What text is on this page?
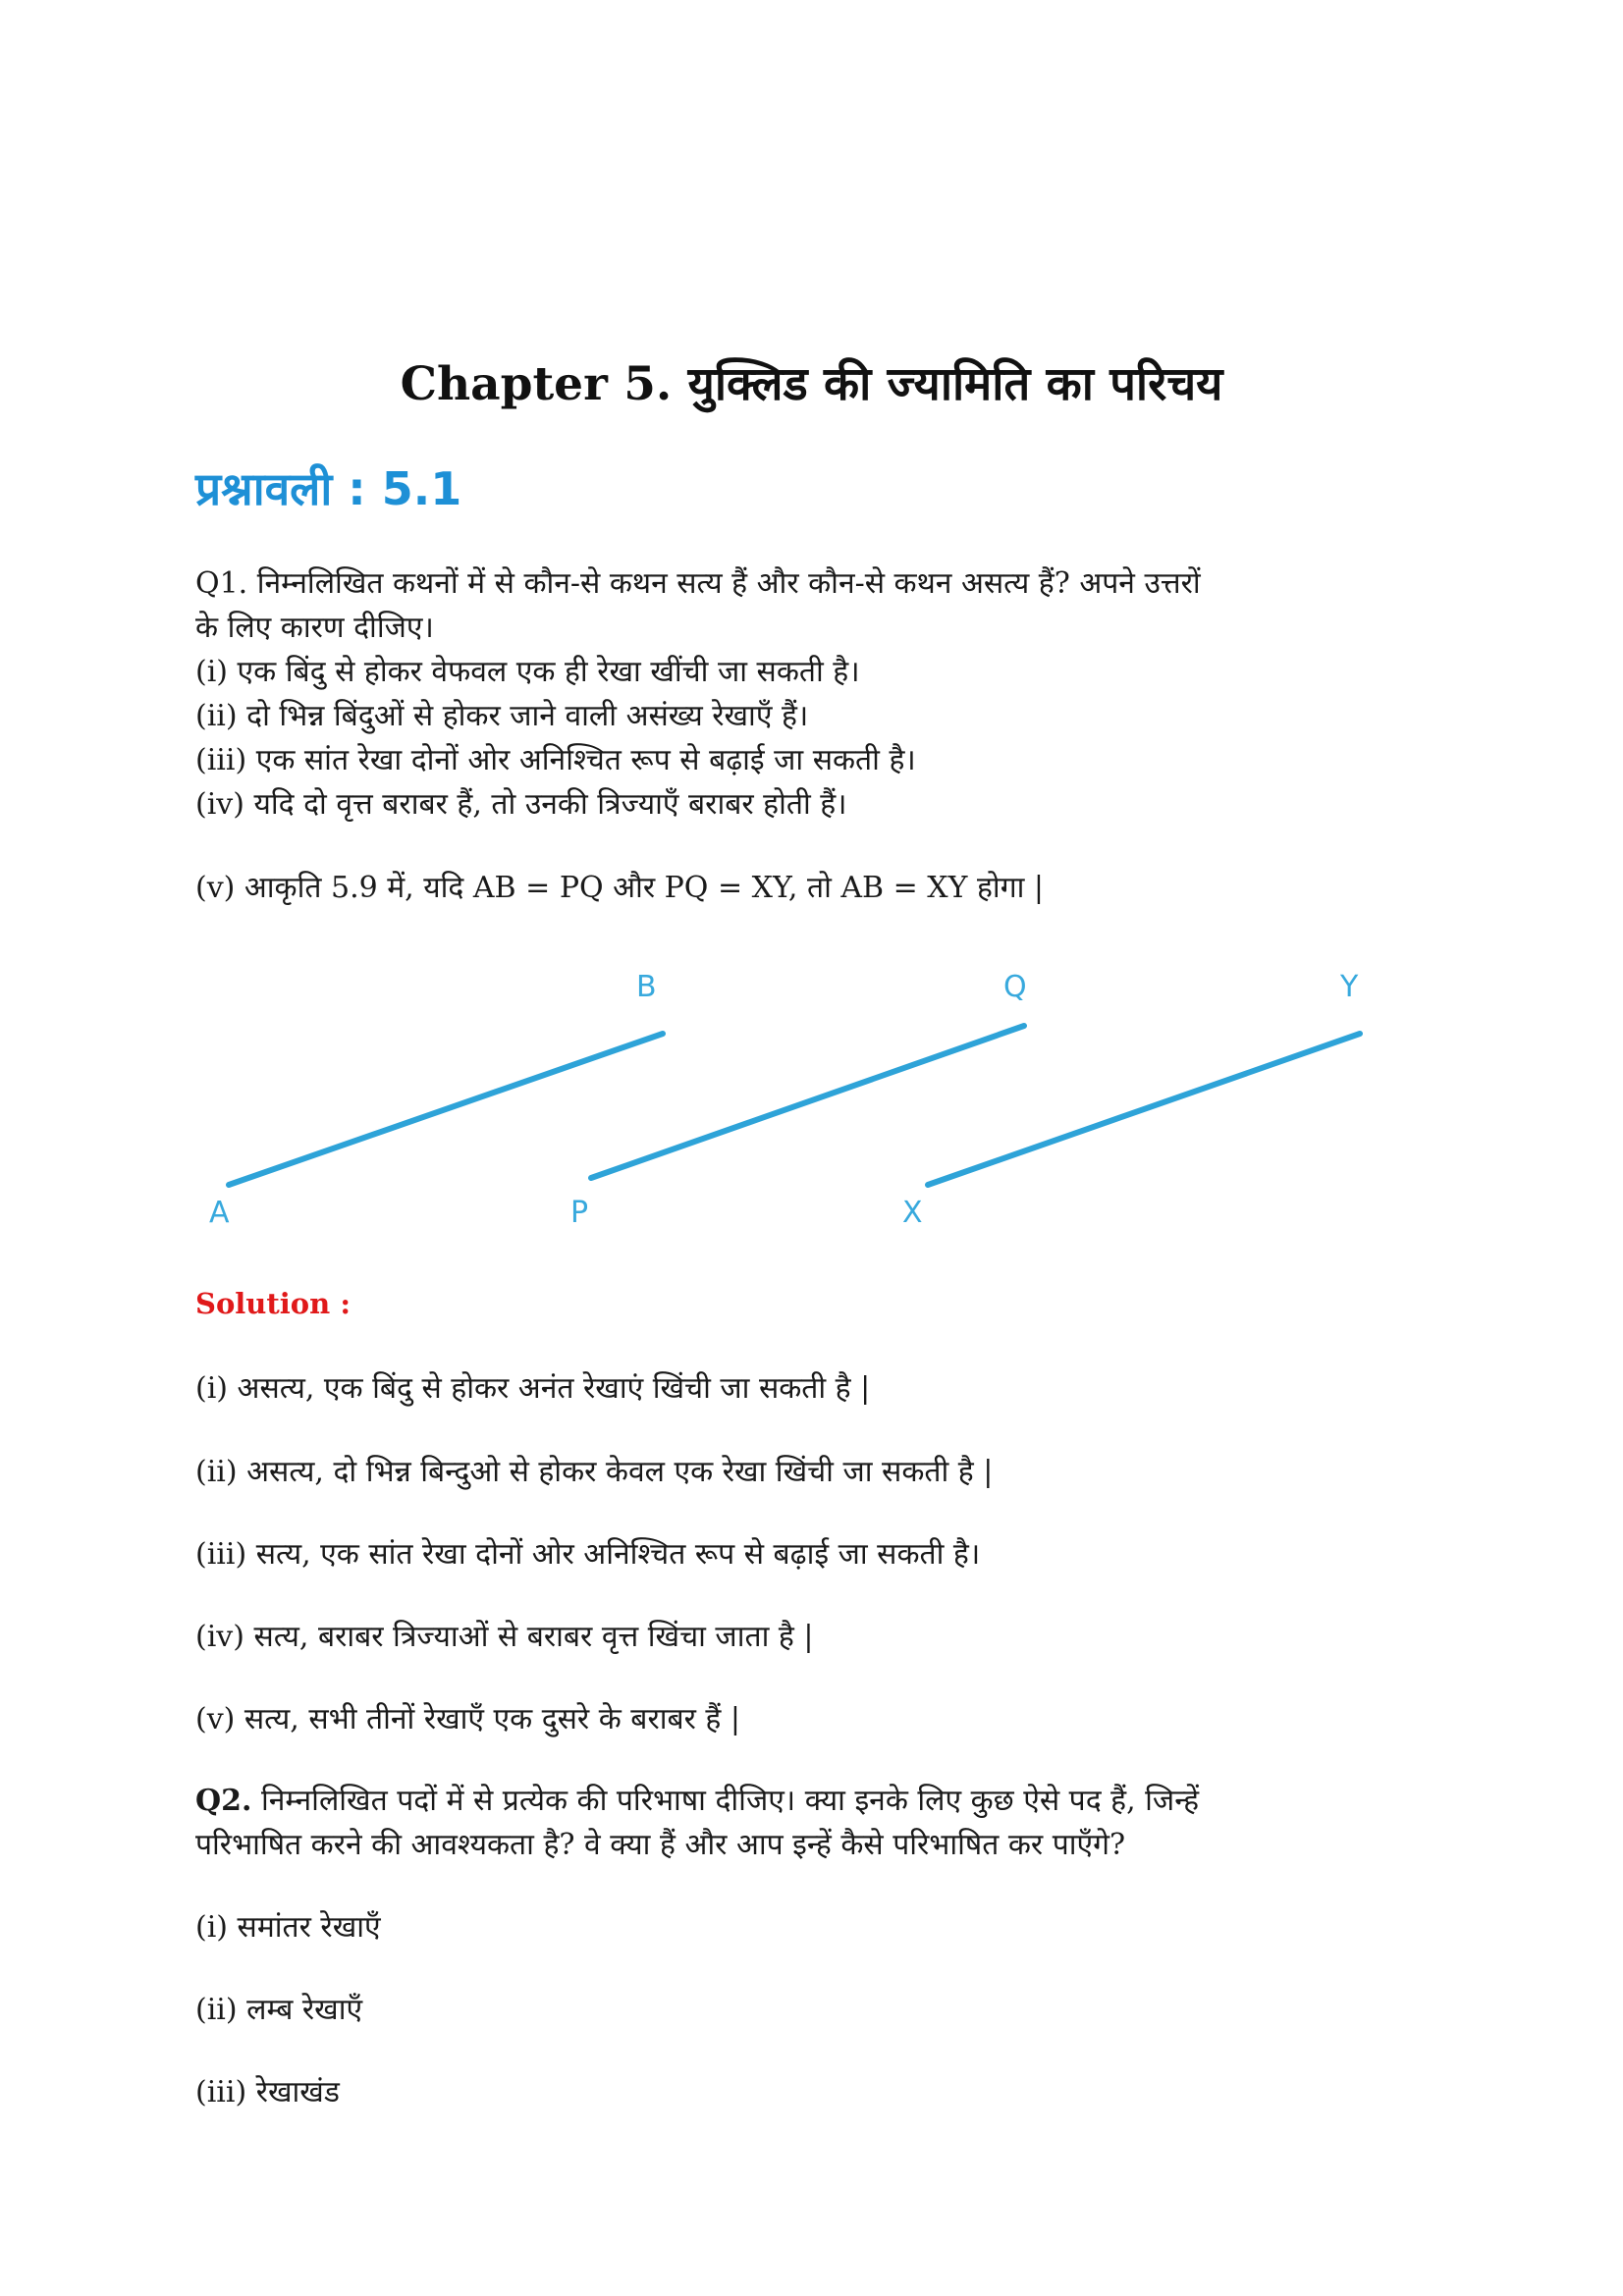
Chapter 5. युक्लिड की ज्यामिति का परिचय
प्रश्नावली : 5.1
Q1. निम्नलिखित कथनों में से कौन-से कथन सत्य हैं और कौन-से कथन असत्य हैं? अपने उत्तरों
के लिए कारण दीजिए।
(i) एक बिंदु से होकर वेफवल एक ही रेखा खींची जा सकती है।
(ii) दो भिन्न बिंदुओं से होकर जाने वाली असंख्य रेखाएँ हैं।
(iii) एक सांत रेखा दोनों ओर अनिश्चित रूप से बढ़ाई जा सकती है।
(iv) यदि दो वृत्त बराबर हैं, तो उनकी त्रिज्याएँ बराबर होती हैं।
(v) आकृति 5.9 में, यदि AB = PQ और PQ = XY, तो AB = XY होगा |
A
B
P
Q
X
Y
Solution :
(i) असत्य, एक बिंदु से होकर अनंत रेखाएं खिंची जा सकती है |
(ii) असत्य, दो भिन्न बिन्दुओ से होकर केवल एक रेखा खिंची जा सकती है |
(iii) सत्य, एक सांत रेखा दोनों ओर अनिश्चित रूप से बढ़ाई जा सकती है।
(iv) सत्य, बराबर त्रिज्याओं से बराबर वृत्त खिंचा जाता है |
(v) सत्य, सभी तीनों रेखाएँ एक दुसरे के बराबर हैं |
Q2. निम्नलिखित पदों में से प्रत्येक की परिभाषा दीजिए। क्या इनके लिए कुछ ऐसे पद हैं, जिन्हें
परिभाषित करने की आवश्यकता है? वे क्या हैं और आप इन्हें कैसे परिभाषित कर पाएँगे?
(i) समांतर रेखाएँ
(ii) लम्ब रेखाएँ
(iii) रेखाखंड
